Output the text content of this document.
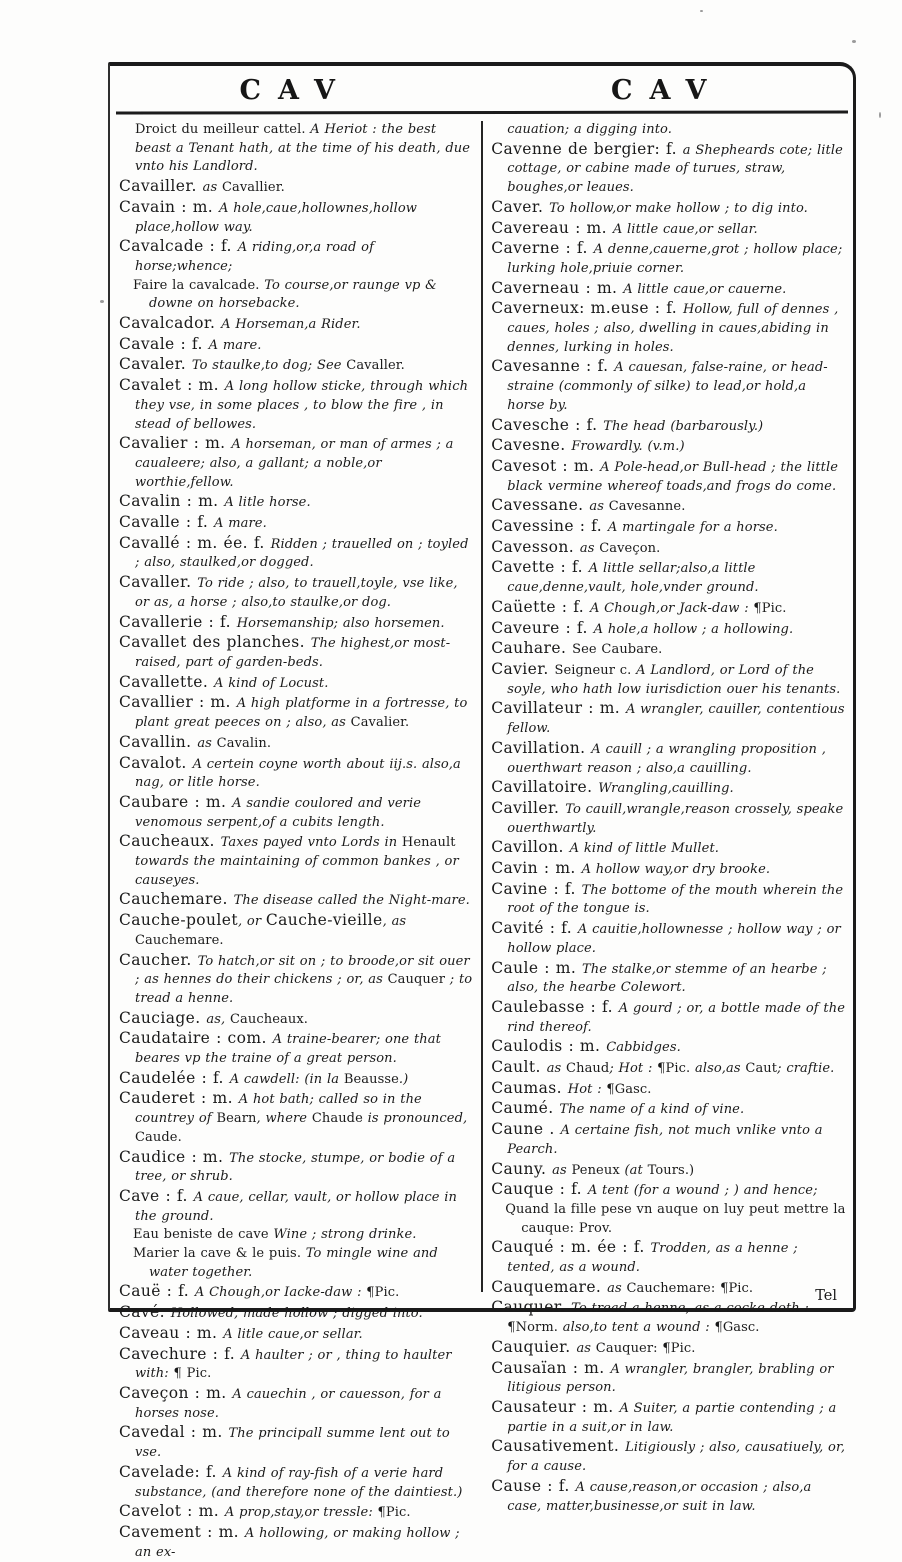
CAV	CAV
Droict du meilleur cattel. A Heriot : the best beast a Tenant hath, at the time of his death, due vnto his Landlord.
Cavailler. as Cavallier.
Cavain : m. A hole,caue,hollownes,hollow place,hollow way.
Cavalcade : f. A riding,or,a road of horse;whence;
Faire la cavalcade. To course,or raunge vp & downe on horsebacke.
Cavalcador. A Horseman,a Rider.
Cavale : f. A mare.
Cavaler. To staulke,to dog; See Cavaller.
Cavalet : m. A long hollow sticke, through which they vse, in some places , to blow the fire , in stead of bellowes.
Cavalier : m. A horseman, or man of armes ; a caualeere; also, a gallant; a noble,or worthie,fellow.
Cavalin : m. A litle horse.
Cavalle : f. A mare.
Cavallé : m. ée. f. Ridden ; trauelled on ; toyled ; also, staulked,or dogged.
Cavaller. To ride ; also, to trauell,toyle, vse like, or as, a horse ; also,to staulke,or dog.
Cavallerie : f. Horsemanship; also horsemen.
Cavallet des planches. The highest,or most-raised, part of garden-beds.
Cavallette. A kind of Locust.
Cavallier : m. A high platforme in a fortresse, to plant great peeces on ; also, as Cavalier.
Cavallin. as Cavalin.
Cavalot. A certein coyne worth about iij.s. also,a nag, or litle horse.
Caubare : m. A sandie coulored and verie venomous serpent,of a cubits length.
Caucheaux. Taxes payed vnto Lords in Henault towards the maintaining of common bankes , or causeyes.
Cauchemare. The disease called the Night-mare.
Cauche-poulet, or Cauche-vieille, as Cauchemare.
Caucher. To hatch,or sit on ; to broode,or sit ouer ; as hennes do their chickens ; or, as Cauquer ; to tread a henne.
Cauciage. as, Caucheaux.
Caudataire : com. A traine-bearer; one that beares vp the traine of a great person.
Caudelée : f. A cawdell: (in la Beausse.)
Cauderet : m. A hot bath; called so in the countrey of Bearn, where Chaude is pronounced, Caude.
Caudice : m. The stocke, stumpe, or bodie of a tree, or shrub.
Cave : f. A caue, cellar, vault, or hollow place in the ground.
Eau beniste de cave Wine ; strong drinke.
Marier la cave & le puis. To mingle wine and water together.
Cauë : f. A Chough,or Iacke-daw : ¶Pic.
Cavé. Hollowed, made hollow ; digged into.
Caveau : m. A litle caue,or sellar.
Cavechure : f. A haulter ; or , thing to haulter with: ¶ Pic.
Caveçon : m. A cauechin , or cauesson, for a horses nose.
Cavedal : m. The principall summe lent out to vse.
Cavelade: f. A kind of ray-fish of a verie hard substance, (and therefore none of the daintiest.)
Cavelot : m. A prop,stay,or tressle: ¶Pic.
Cavement : m. A hollowing, or making hollow ; an ex-
cauation; a digging into.
Cavenne de bergier: f. a Shepheards cote; litle cottage, or cabine made of turues, straw, boughes,or leaues.
Caver. To hollow,or make hollow ; to dig into.
Cavereau : m. A little caue,or sellar.
Caverne : f. A denne,cauerne,grot ; hollow place; lurking hole,priuie corner.
Caverneau : m. A little caue,or cauerne.
Caverneux: m.euse : f. Hollow, full of dennes , caues, holes ; also, dwelling in caues,abiding in dennes, lurking in holes.
Cavesanne : f. A cauesan, false-raine, or head-straine (commonly of silke) to lead,or hold,a horse by.
Cavesche : f. The head (barbarously.)
Cavesne. Frowardly. (v.m.)
Cavesot : m. A Pole-head,or Bull-head ; the little black vermine whereof toads,and frogs do come.
Cavessane. as Cavesanne.
Cavessine : f. A martingale for a horse.
Cavesson. as Caveçon.
Cavette : f. A little sellar;also,a little caue,denne,vault, hole,vnder ground.
Caüette : f. A Chough,or Jack-daw : ¶Pic.
Caveure : f. A hole,a hollow ; a hollowing.
Cauhare. See Caubare.
Cavier. Seigneur c. A Landlord, or Lord of the soyle, who hath low iurisdiction ouer his tenants.
Cavillateur : m. A wrangler, cauiller, contentious fellow.
Cavillation. A cauill ; a wrangling proposition , ouerthwart reason ; also,a cauilling.
Cavillatoire. Wrangling,cauilling.
Caviller. To cauill,wrangle,reason crossely, speake ouerthwartly.
Cavillon. A kind of little Mullet.
Cavin : m. A hollow way,or dry brooke.
Cavine : f. The bottome of the mouth wherein the root of the tongue is.
Cavité : f. A cauitie,hollownesse ; hollow way ; or hollow place.
Caule : m. The stalke,or stemme of an hearbe ; also, the hearbe Colewort.
Caulebasse : f. A gourd ; or, a bottle made of the rind thereof.
Caulodis : m. Cabbidges.
Cault. as Chaud; Hot : ¶Pic. also,as Caut; craftie.
Caumas. Hot : ¶Gasc.
Caumé. The name of a kind of vine.
Caune . A certaine fish, not much vnlike vnto a Pearch.
Cauny. as Peneux (at Tours.)
Cauque : f. A tent (for a wound ; ) and hence;
Quand la fille pese vn auque on luy peut mettre la cauque: Prov.
Cauqué : m. ée : f. Trodden, as a henne ; tented, as a wound.
Cauquemare. as Cauchemare: ¶Pic.
Cauquer. To tread a henne, as a cocke doth : ¶Norm. also,to tent a wound : ¶Gasc.
Cauquier. as Cauquer: ¶Pic.
Causaïan : m. A wrangler, brangler, brabling or litigious person.
Causateur : m. A Suiter, a partie contending ; a partie in a suit,or in law.
Causativement. Litigiously ; also, causatiuely, or, for a cause.
Cause : f. A cause,reason,or occasion ; also,a case, matter,businesse,or suit in law.
Tel
